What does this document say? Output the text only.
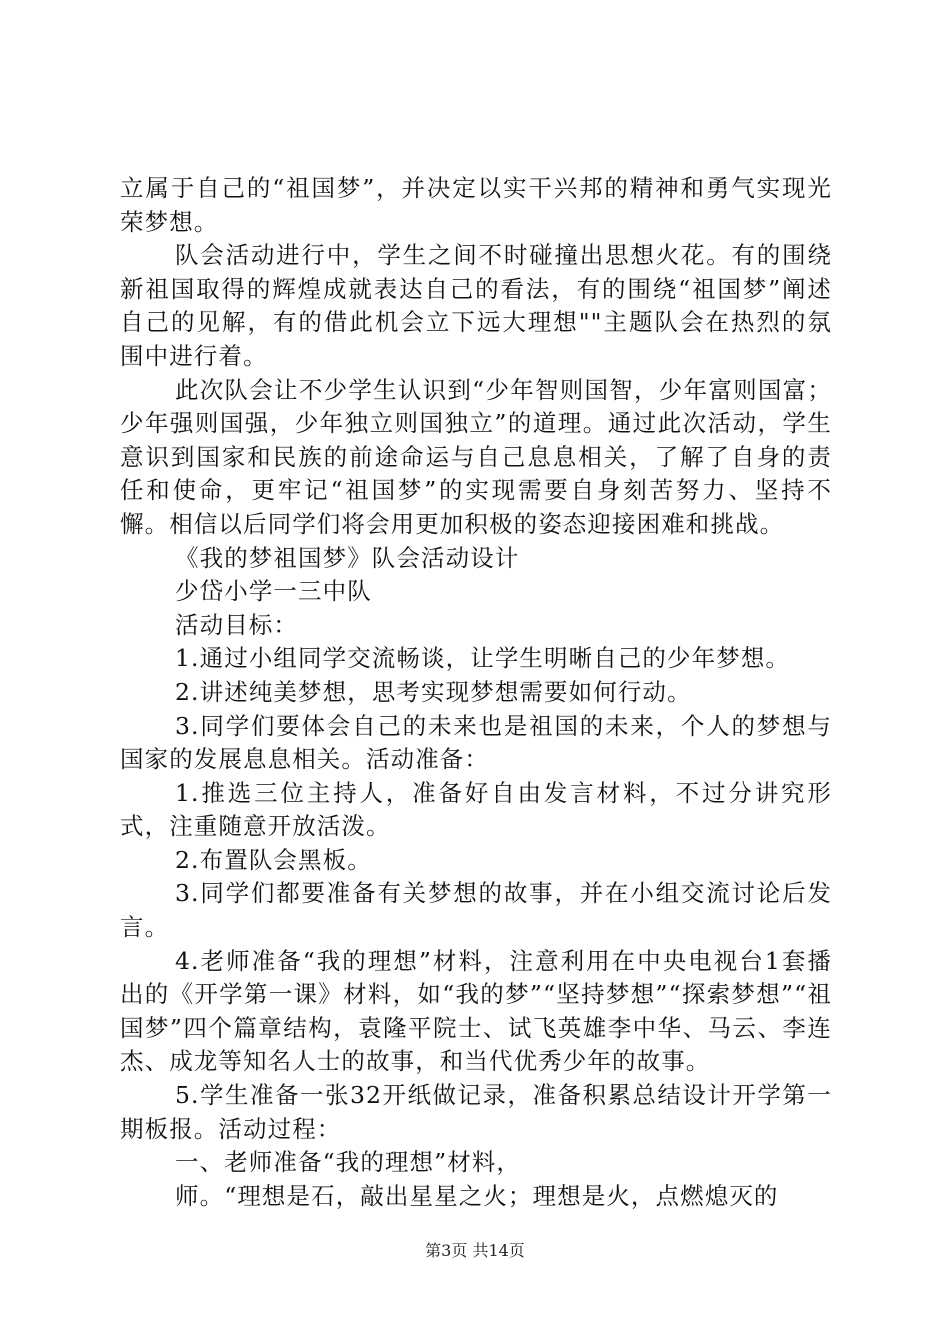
立属于自己的“祖国梦”，并决定以实干兴邦的精神和勇气实现光荣梦想。

队会活动进行中，学生之间不时碰撞出思想火花。有的围绕新祖国取得的辉煌成就表达自己的看法，有的围绕“祖国梦”阐述自己的见解，有的借此机会立下远大理想""主题队会在热烈的氛围中进行着。

此次队会让不少学生认识到“少年智则国智，少年富则国富；少年强则国强，少年独立则国独立”的道理。通过此次活动，学生意识到国家和民族的前途命运与自己息息相关，了解了自身的责任和使命，更牢记“祖国梦”的实现需要自身刻苦努力、坚持不懈。相信以后同学们将会用更加积极的姿态迎接困难和挑战。

《我的梦祖国梦》队会活动设计

少岱小学一三中队

活动目标：

1.通过小组同学交流畅谈，让学生明晰自己的少年梦想。

2.讲述纯美梦想，思考实现梦想需要如何行动。

3.同学们要体会自己的未来也是祖国的未来，个人的梦想与国家的发展息息相关。活动准备：

1.推选三位主持人，准备好自由发言材料，不过分讲究形式，注重随意开放活泼。

2.布置队会黑板。

3.同学们都要准备有关梦想的故事，并在小组交流讨论后发言。

4.老师准备“我的理想”材料，注意利用在中央电视台1套播出的《开学第一课》材料，如“我的梦”“坚持梦想”“探索梦想”“祖国梦”四个篇章结构，袁隆平院士、试飞英雄李中华、马云、李连杰、成龙等知名人士的故事，和当代优秀少年的故事。

5.学生准备一张32开纸做记录，准备积累总结设计开学第一期板报。活动过程：

一、老师准备“我的理想”材料，

师。“理想是石，敲出星星之火；理想是火，点燃熄灭的

第3页 共14页
